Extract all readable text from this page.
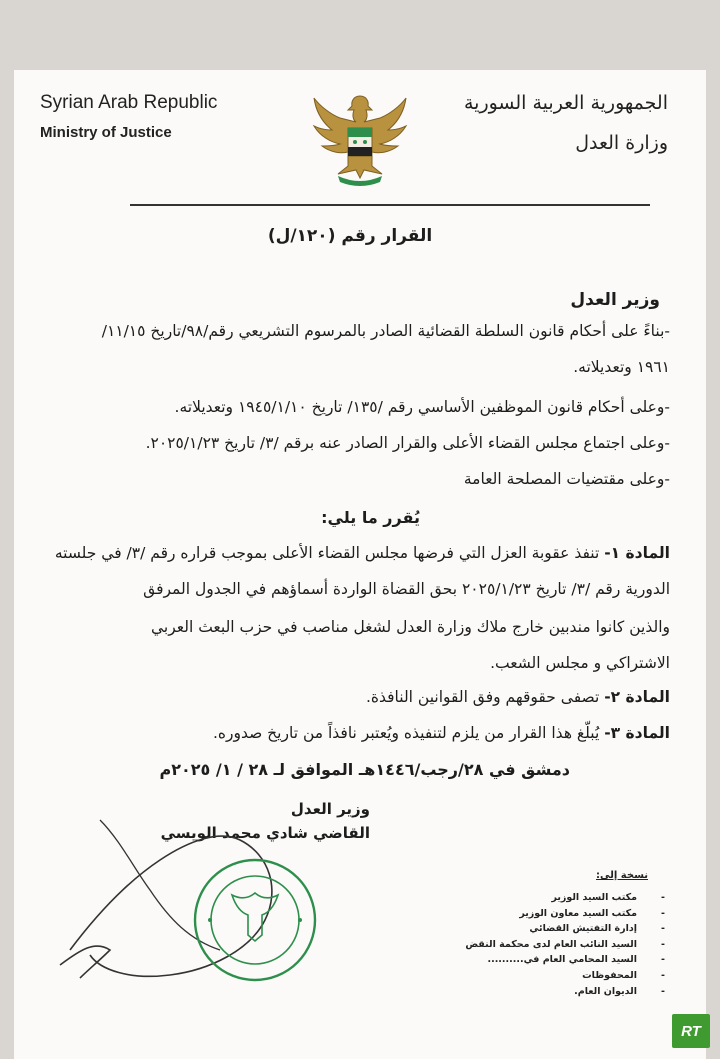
Syrian Arab Republic
Ministry of Justice
الجمهورية العربية السورية
وزارة العدل
القرار رقم (١٢٠/ل)
وزير العدل
-بناءً على أحكام قانون السلطة القضائية الصادر بالمرسوم التشريعي رقم/٩٨/تاريخ ١١/١٥/
١٩٦١ وتعديلاته.
-وعلى أحكام قانون الموظفين الأساسي رقم /١٣٥/ تاريخ ١٩٤٥/١/١٠ وتعديلاته.
-وعلى اجتماع مجلس القضاء الأعلى والقرار الصادر عنه برقم /٣/ تاريخ ٢٠٢٥/١/٢٣.
-وعلى مقتضيات المصلحة العامة
يُقرر ما يلي:
المادة ١- تنفذ عقوبة العزل التي فرضها مجلس القضاء الأعلى بموجب قراره رقم /٣/ في جلسته
الدورية رقم /٣/ تاريخ ٢٠٢٥/١/٢٣ بحق القضاة الواردة أسماؤهم في الجدول المرفق
والذين كانوا مندبين خارج ملاك وزارة العدل لشغل مناصب في حزب البعث العربي
الاشتراكي و مجلس الشعب.
المادة ٢- تصفى حقوقهم وفق القوانين النافذة.
المادة ٣- يُبلّغ هذا القرار من يلزم لتنفيذه ويُعتبر نافذاً من تاريخ صدوره.
دمشق في ٢٨/رجب/١٤٤٦هـ الموافق لـ ٢٨ / ١/ ٢٠٢٥م
وزير العدل
القاضي شادي محمد الويسي
نسخة إلى:
-
مكتب السيد الوزير
-
مكتب السيد معاون الوزير
-
إدارة التفتيش القضائي
-
السيد النائب العام لدى محكمة النقض
-
السيد المحامي العام في..........
-
المحفوظات
-
الديوان العام.
RT
